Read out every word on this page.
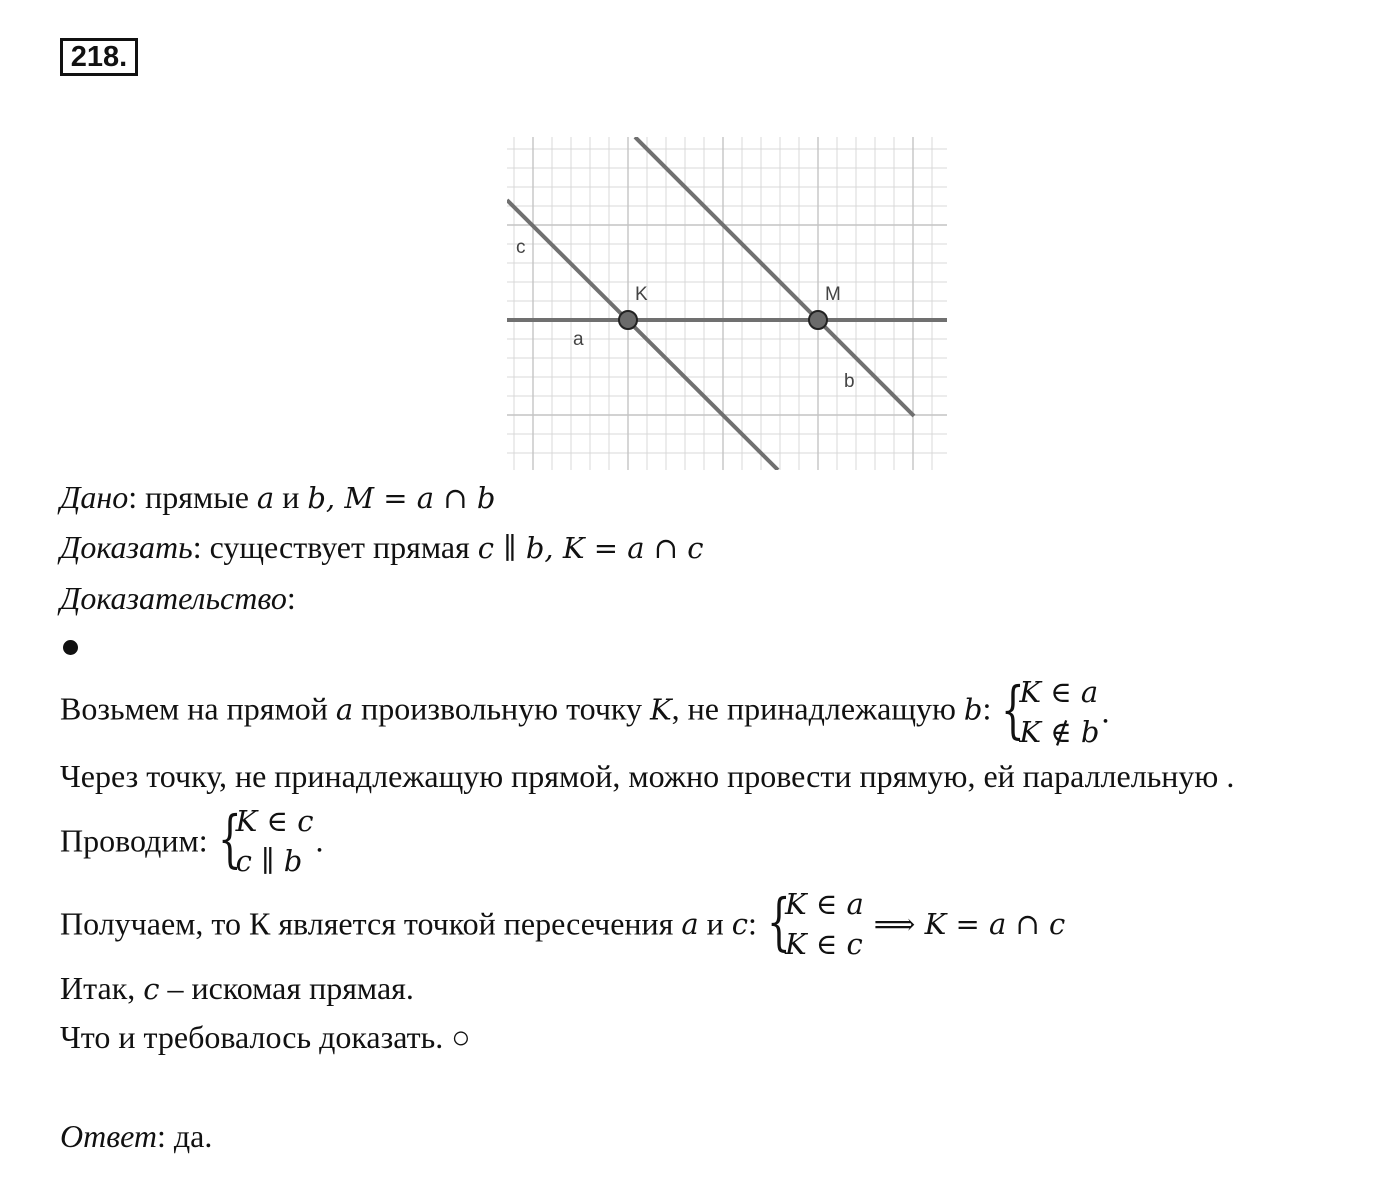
218.
c
K	M
a
b
Дано: прямые a и b, M = a ∩ b
Доказать: существует прямая c ∥ b, K = a ∩ c
Доказательство:
Возьмем на прямой a произвольную точку K, не принадлежащую b: {
K ∈ a
K ∉ b
.
Через точку, не принадлежащую прямой, можно провести прямую, ей параллельную .
Проводим: {
K ∈ c
c ∥ b
.
Получаем, то К является точкой пересечения a и c: {
K ∈ a
K ∈ c
⟹ K = a ∩ c
Итак, c – искомая прямая.
Что и требовалось доказать. ○
Ответ: да.
